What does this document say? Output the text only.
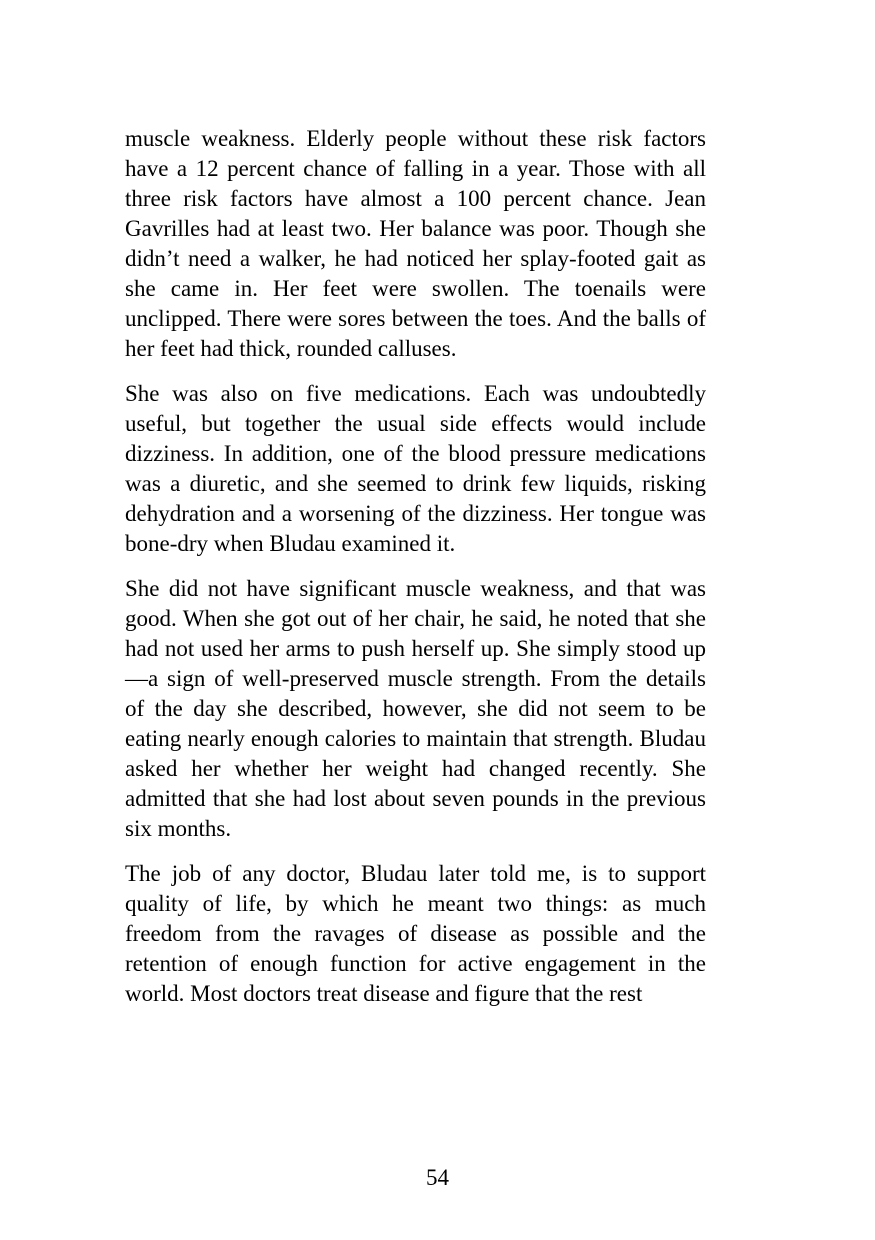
muscle weakness. Elderly people without these risk factors have a 12 percent chance of falling in a year. Those with all three risk factors have almost a 100 percent chance. Jean Gavrilles had at least two. Her balance was poor. Though she didn’t need a walker, he had noticed her splay-footed gait as she came in. Her feet were swollen. The toenails were unclipped. There were sores between the toes. And the balls of her feet had thick, rounded calluses.

She was also on five medications. Each was undoubtedly useful, but together the usual side effects would include dizziness. In addition, one of the blood pressure medications was a diuretic, and she seemed to drink few liquids, risking dehydration and a worsening of the dizziness. Her tongue was bone-dry when Bludau examined it.

She did not have significant muscle weakness, and that was good. When she got out of her chair, he said, he noted that she had not used her arms to push herself up. She simply stood up—a sign of well-preserved muscle strength. From the details of the day she described, however, she did not seem to be eating nearly enough calories to maintain that strength. Bludau asked her whether her weight had changed recently. She admitted that she had lost about seven pounds in the previous six months.

The job of any doctor, Bludau later told me, is to support quality of life, by which he meant two things: as much freedom from the ravages of disease as possible and the retention of enough function for active engagement in the world. Most doctors treat disease and figure that the rest

54
